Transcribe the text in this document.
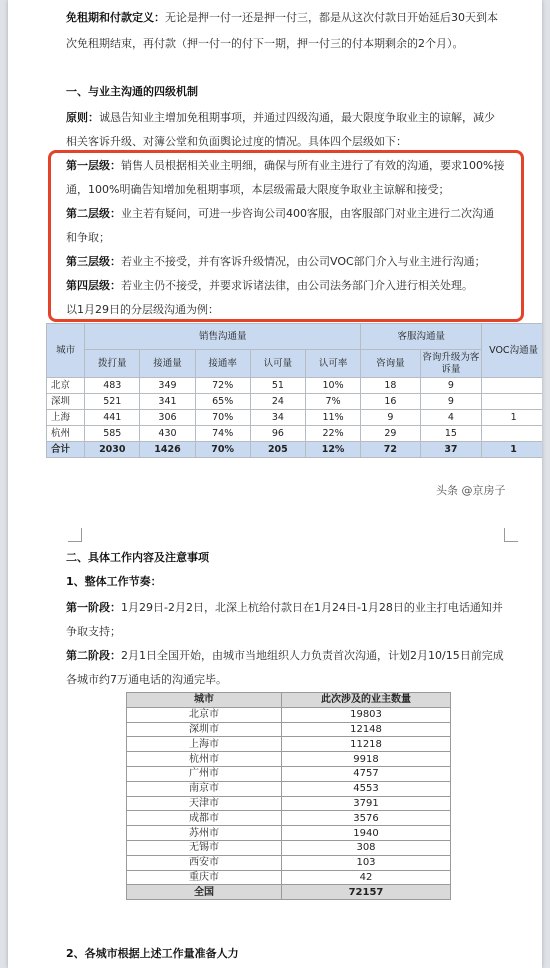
免租期和付款定义：无论是押一付一还是押一付三，都是从这次付款日开始延后30天到本
次免租期结束，再付款（押一付一的付下一期，押一付三的付本期剩余的2个月）。
一、与业主沟通的四级机制
原则：诚恳告知业主增加免租期事项，并通过四级沟通，最大限度争取业主的谅解，减少
相关客诉升级、对簿公堂和负面舆论过度的情况。具体四个层级如下：
第一层级：销售人员根据相关业主明细，确保与所有业主进行了有效的沟通，要求100%接
通，100%明确告知增加免租期事项，本层级需最大限度争取业主谅解和接受；
第二层级：业主若有疑问，可进一步咨询公司400客服，由客服部门对业主进行二次沟通
和争取；
第三层级：若业主不接受，并有客诉升级情况，由公司VOC部门介入与业主进行沟通；
第四层级：若业主仍不接受，并要求诉诸法律，由公司法务部门介入进行相关处理。
以1月29日的分层级沟通为例：
城市	销售沟通量					客服沟通量		VOC沟通量
	拨打量	接通量	接通率	认可量	认可率	咨询量	咨询升级为客诉量	
北京	483	349	72%	51	10%	18	9	
深圳	521	341	65%	24	7%	16	9	
上海	441	306	70%	34	11%	9	4	1
杭州	585	430	74%	96	22%	29	15	
合计	2030	1426	70%	205	12%	72	37	1
头条 @京房子
二、具体工作内容及注意事项
1、整体工作节奏：
第一阶段：1月29日-2月2日，北深上杭给付款日在1月24日-1月28日的业主打电话通知并
争取支持；
第二阶段：2月1日全国开始，由城市当地组织人力负责首次沟通，计划2月10/15日前完成
各城市约7万通电话的沟通完毕。
城市	此次涉及的业主数量
北京市	19803
深圳市	12148
上海市	11218
杭州市	9918
广州市	4757
南京市	4553
天津市	3791
成都市	3576
苏州市	1940
无锡市	308
西安市	103
重庆市	42
全国	72157
2、各城市根据上述工作量准备人力
